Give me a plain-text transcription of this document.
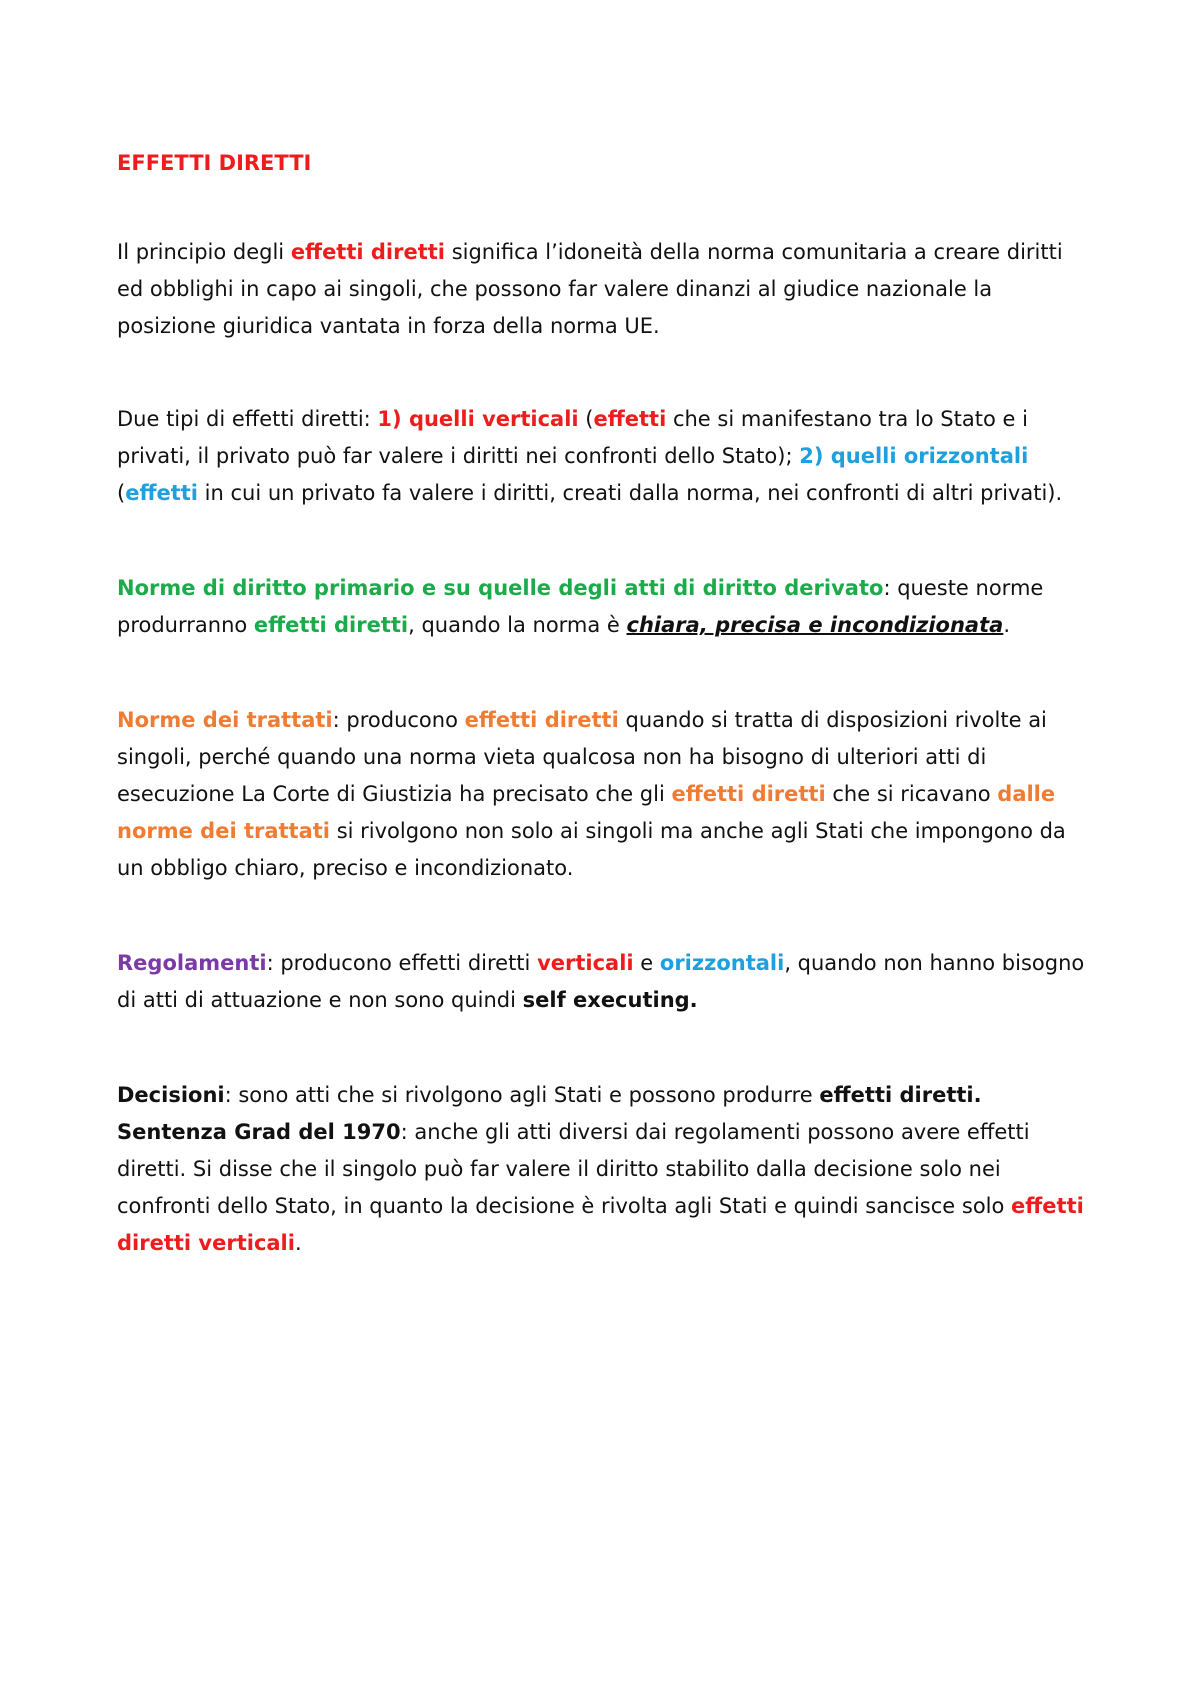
EFFETTI DIRETTI

Il principio degli effetti diretti significa l’idoneità della norma comunitaria a creare diritti ed obblighi in capo ai singoli, che possono far valere dinanzi al giudice nazionale la posizione giuridica vantata in forza della norma UE.

Due tipi di effetti diretti: 1) quelli verticali (effetti che si manifestano tra lo Stato e i privati, il privato può far valere i diritti nei confronti dello Stato); 2) quelli orizzontali (effetti in cui un privato fa valere i diritti, creati dalla norma, nei confronti di altri privati).

Norme di diritto primario e su quelle degli atti di diritto derivato: queste norme produrranno effetti diretti, quando la norma è chiara, precisa e incondizionata.

Norme dei trattati: producono effetti diretti quando si tratta di disposizioni rivolte ai singoli, perché quando una norma vieta qualcosa non ha bisogno di ulteriori atti di esecuzione La Corte di Giustizia ha precisato che gli effetti diretti che si ricavano dalle norme dei trattati si rivolgono non solo ai singoli ma anche agli Stati che impongono da un obbligo chiaro, preciso e incondizionato.

Regolamenti: producono effetti diretti verticali e orizzontali, quando non hanno bisogno di atti di attuazione e non sono quindi self executing.

Decisioni: sono atti che si rivolgono agli Stati e possono produrre effetti diretti.
Sentenza Grad del 1970: anche gli atti diversi dai regolamenti possono avere effetti diretti. Si disse che il singolo può far valere il diritto stabilito dalla decisione solo nei confronti dello Stato, in quanto la decisione è rivolta agli Stati e quindi sancisce solo effetti diretti verticali.
